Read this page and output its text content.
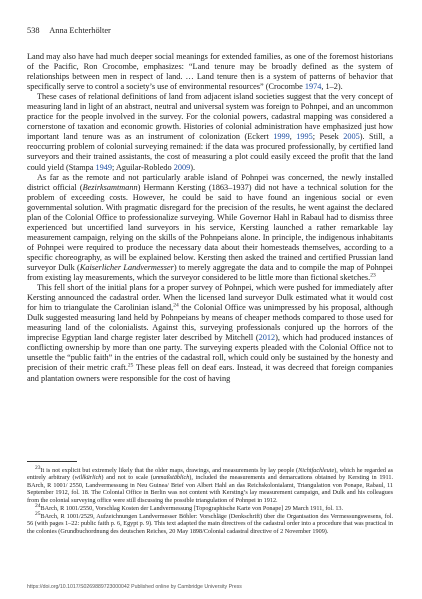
538 Anna Echterhölter

Land may also have had much deeper social meanings for extended families, as one of the foremost historians of the Pacific, Ron Crocombe, emphasizes: “Land tenure may be broadly defined as the system of relationships between men in respect of land. … Land tenure then is a system of patterns of behavior that specifically serve to control a society’s use of environmental resources” (Crocombe 1974, 1–2).

These cases of relational definitions of land from adjacent island societies suggest that the very concept of measuring land in light of an abstract, neutral and universal system was foreign to Pohnpei, and an uncommon practice for the people involved in the survey. For the colonial powers, cadastral mapping was considered a cornerstone of taxation and economic growth. Histories of colonial administration have emphasized just how important land tenure was as an instrument of colonization (Eckert 1999, 1995; Pesek 2005). Still, a reoccurring problem of colonial surveying remained: if the data was procured professionally, by certified land surveyors and their trained assistants, the cost of measuring a plot could easily exceed the profit that the land could yield (Stampa 1949; Aguilar-Robledo 2009).

As far as the remote and not particularly arable island of Pohnpei was concerned, the newly installed district official (Bezirksamtmann) Hermann Kersting (1863–1937) did not have a technical solution for the problem of exceeding costs. However, he could be said to have found an ingenious social or even governmental solution. With pragmatic disregard for the precision of the results, he went against the declared plan of the Colonial Office to professionalize surveying. While Governor Hahl in Rabaul had to dismiss three experienced but uncertified land surveyors in his service, Kersting launched a rather remarkable lay measurement campaign, relying on the skills of the Pohnpeians alone. In principle, the indigenous inhabitants of Pohnpei were required to produce the necessary data about their homesteads themselves, according to a specific choreography, as will be explained below. Kersting then asked the trained and certified Prussian land surveyor Dulk (Kaiserlicher Landvermesser) to merely aggregate the data and to compile the map of Pohnpei from existing lay measurements, which the surveyor considered to be little more than fictional sketches.$^{23}$

This fell short of the initial plans for a proper survey of Pohnpei, which were pushed for immediately after Kersting announced the cadastral order. When the licensed land surveyor Dulk estimated what it would cost for him to triangulate the Carolinian island,$^{24}$ the Colonial Office was unimpressed by his proposal, although Dulk suggested measuring land held by Pohnpeians by means of cheaper methods compared to those used for measuring land of the colonialists. Against this, surveying professionals conjured up the horrors of the imprecise Egyptian land charge register later described by Mitchell (2012), which had produced instances of conflicting ownership by more than one party. The surveying experts pleaded with the Colonial Office not to unsettle the “public faith” in the entries of the cadastral roll, which could only be sustained by the honesty and precision of their metric craft.$^{25}$ These pleas fell on deaf ears. Instead, it was decreed that foreign companies and plantation owners were responsible for the cost of having

$^{23}$It is not explicit but extremely likely that the older maps, drawings, and measurements by lay people (Nichtfachleute), which he regarded as entirely arbitrary (willkürlich) and not to scale (unmaßstäblich), included the measurements and demarcations obtained by Kersting in 1911. BArch, R 1001/ 2550, Landvermessung in Neu Guinea/ Brief von Albert Hahl an das Reichskolonialamt, Triangulation von Ponape, Rabaul, 11 September 1912, fol. 18. The Colonial Office in Berlin was not content with Kersting’s lay measurement campaign, and Dulk and his colleagues from the colonial surveying office were still discussing the possible triangulation of Pohnpei in 1912.

$^{24}$BArch, R 1001/2550, Vorschlag Kosten der Landvermessung [Topographische Karte von Ponape] 29 March 1911, fol. 13.

$^{25}$BArch, R 1001/2529, Aufzeichnungen Landvermesser Böhler: Vorschläge (Denkschrift) über die Organisation des Vermessungswesens, fol. 56 (with pages 1–22: public faith p. 6, Egypt p. 9). This text adapted the main directives of the cadastral order into a procedure that was practical in the colonies (Grundbuchordnung des deutschen Reiches, 20 May 1898/Colonial cadastral directive of 2 November 1909).

https://doi.org/10.1017/S0269889723000042 Published online by Cambridge University Press
